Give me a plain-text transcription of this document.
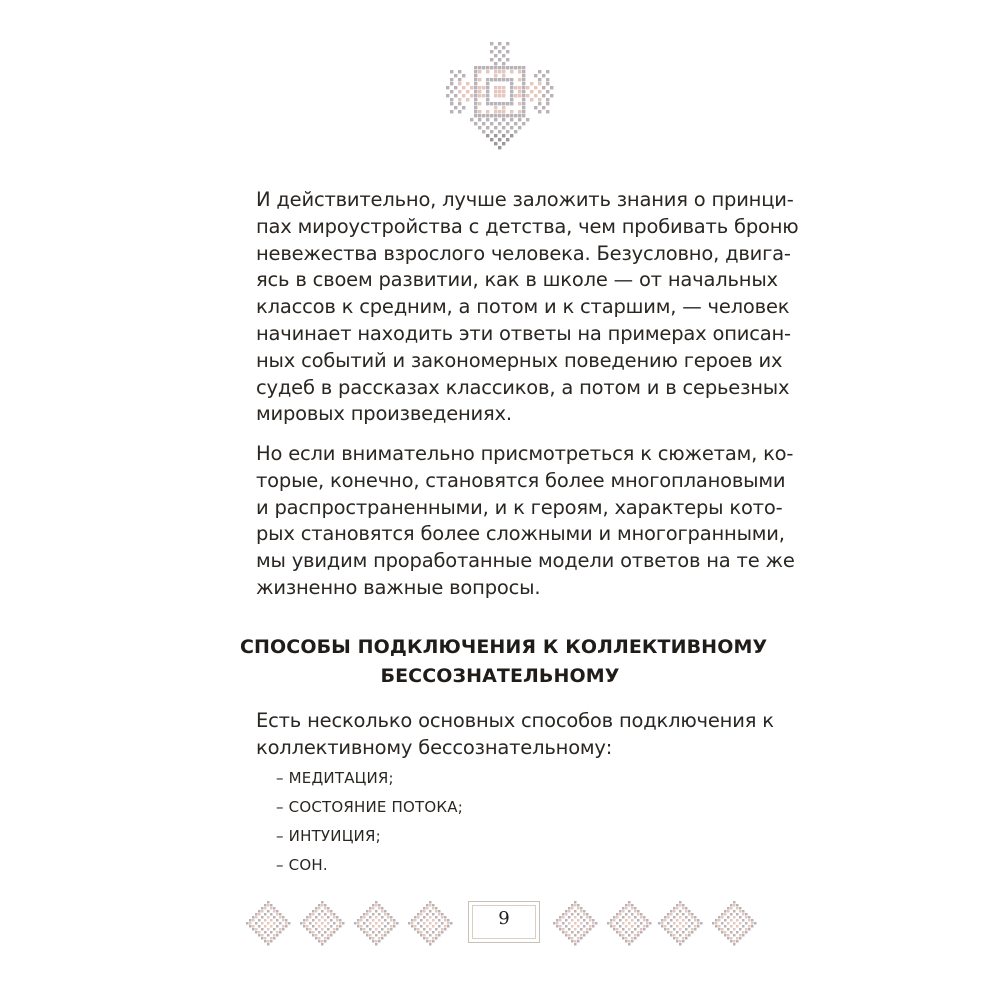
И действительно, лучше заложить знания о принци-
пах мироустройства с детства, чем пробивать броню
невежества взрослого человека. Безусловно, двига-
ясь в своем развитии, как в школе — от начальных
классов к средним, а потом и к старшим, — человек
начинает находить эти ответы на примерах описан-
ных событий и закономерных поведению героев их
судеб в рассказах классиков, а потом и в серьезных
мировых произведениях.
Но если внимательно присмотреться к сюжетам, ко-
торые, конечно, становятся более многоплановыми
и распространенными, и к героям, характеры кото-
рых становятся более сложными и многогранными,
мы увидим проработанные модели ответов на те же
жизненно важные вопросы.
СПОСОБЫ ПОДКЛЮЧЕНИЯ К КОЛЛЕКТИВНОМУ
БЕССОЗНАТЕЛЬНОМУ
Есть несколько основных способов подключения к
коллективному бессознательному:
– МЕДИТАЦИЯ;
– СОСТОЯНИЕ ПОТОКА;
– ИНТУИЦИЯ;
– СОН.
9
